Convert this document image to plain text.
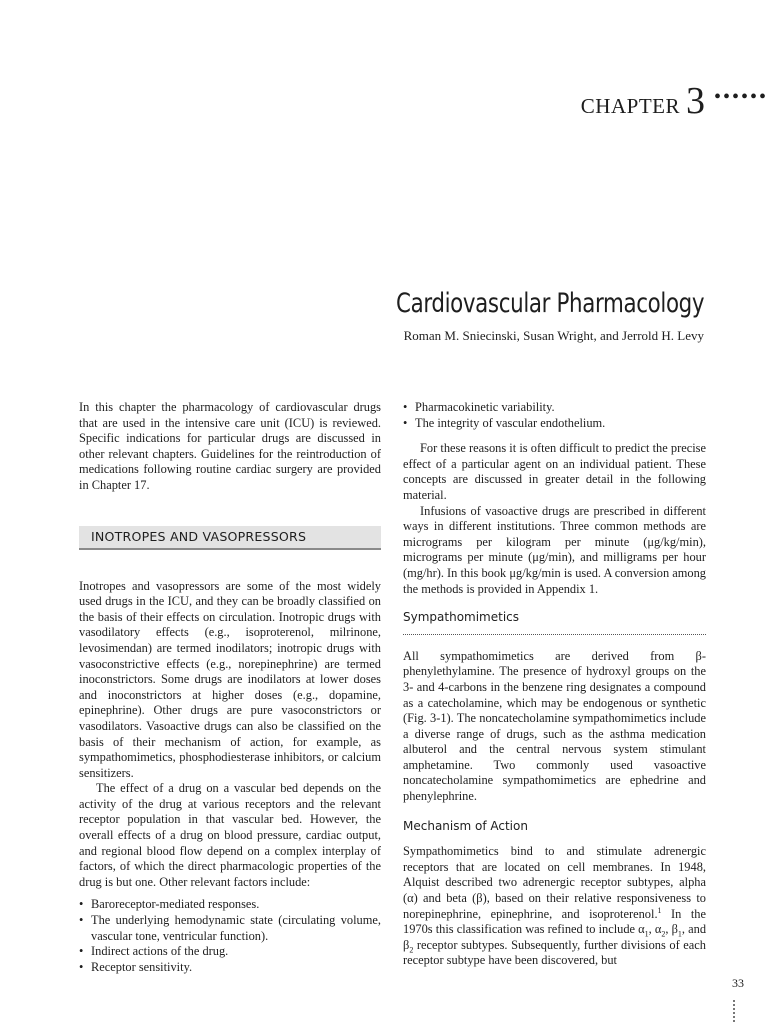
CHAPTER 3 ••••••
Cardiovascular Pharmacology

Roman M. Sniecinski, Susan Wright, and Jerrold H. Levy

In this chapter the pharmacology of cardiovascular drugs that are used in the intensive care unit (ICU) is reviewed. Specific indications for particular drugs are discussed in other relevant chapters. Guidelines for the reintroduction of medications following routine cardiac surgery are provided in Chapter 17.

INOTROPES AND VASOPRESSORS

Inotropes and vasopressors are some of the most widely used drugs in the ICU, and they can be broadly classified on the basis of their effects on circulation. Inotropic drugs with vasodilatory effects (e.g., isoproterenol, milrinone, levosimendan) are termed inodilators; inotropic drugs with vasoconstrictive effects (e.g., norepinephrine) are termed inoconstrictors. Some drugs are inodilators at lower doses and inoconstrictors at higher doses (e.g., dopamine, epinephrine). Other drugs are pure vasoconstrictors or vasodilators. Vasoactive drugs can also be classified on the basis of their mechanism of action, for example, as sympathomimetics, phosphodiesterase inhibitors, or calcium sensitizers.

The effect of a drug on a vascular bed depends on the activity of the drug at various receptors and the relevant receptor population in that vascular bed. However, the overall effects of a drug on blood pressure, cardiac output, and regional blood flow depend on a complex interplay of factors, of which the direct pharmacologic properties of the drug is but one. Other relevant factors include:

• Baroreceptor-mediated responses.
• The underlying hemodynamic state (circulating volume, vascular tone, ventricular function).
• Indirect actions of the drug.
• Receptor sensitivity.
• Pharmacokinetic variability.
• The integrity of vascular endothelium.

For these reasons it is often difficult to predict the precise effect of a particular agent on an individual patient. These concepts are discussed in greater detail in the following material.

Infusions of vasoactive drugs are prescribed in different ways in different institutions. Three common methods are micrograms per kilogram per minute (μg/kg/min), micrograms per minute (μg/min), and milligrams per hour (mg/hr). In this book μg/kg/min is used. A conversion among the methods is provided in Appendix 1.

Sympathomimetics

All sympathomimetics are derived from β-phenylethylamine. The presence of hydroxyl groups on the 3- and 4-carbons in the benzene ring designates a compound as a catecholamine, which may be endogenous or synthetic (Fig. 3-1). The noncatecholamine sympathomimetics include a diverse range of drugs, such as the asthma medication albuterol and the central nervous system stimulant amphetamine. Two commonly used vasoactive noncatecholamine sympathomimetics are ephedrine and phenylephrine.

Mechanism of Action

Sympathomimetics bind to and stimulate adrenergic receptors that are located on cell membranes. In 1948, Alquist described two adrenergic receptor subtypes, alpha (α) and beta (β), based on their relative responsiveness to norepinephrine, epinephrine, and isoproterenol.$^1$ In the 1970s this classification was refined to include $\alpha_1$, $\alpha_2$, $\beta_1$, and $\beta_2$ receptor subtypes. Subsequently, further divisions of each receptor subtype have been discovered, but

33
